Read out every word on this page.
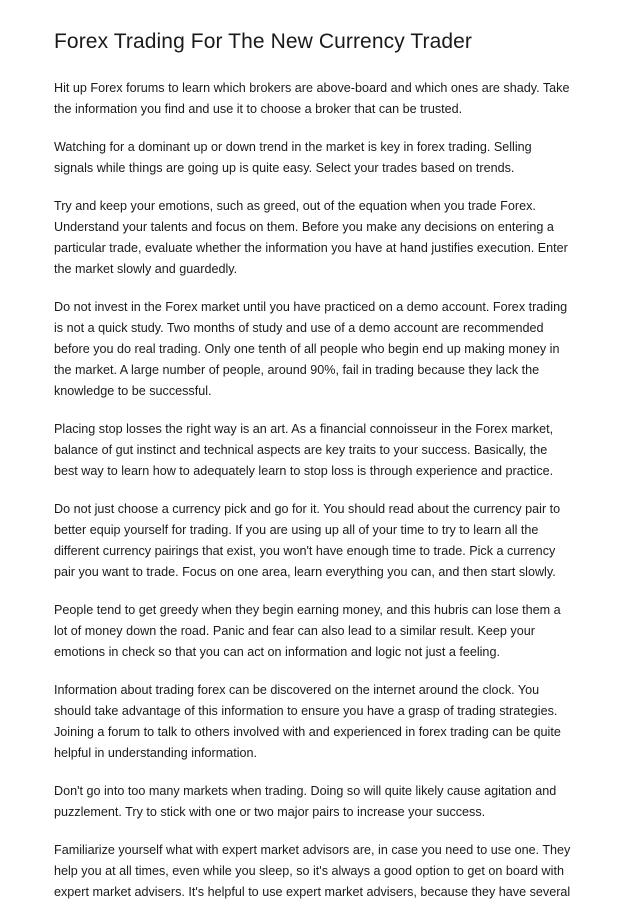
Forex Trading For The New Currency Trader

Hit up Forex forums to learn which brokers are above-board and which ones are shady. Take
the information you find and use it to choose a broker that can be trusted.

Watching for a dominant up or down trend in the market is key in forex trading. Selling
signals while things are going up is quite easy. Select your trades based on trends.

Try and keep your emotions, such as greed, out of the equation when you trade Forex.
Understand your talents and focus on them. Before you make any decisions on entering a
particular trade, evaluate whether the information you have at hand justifies execution. Enter
the market slowly and guardedly.

Do not invest in the Forex market until you have practiced on a demo account. Forex trading
is not a quick study. Two months of study and use of a demo account are recommended
before you do real trading. Only one tenth of all people who begin end up making money in
the market. A large number of people, around 90%, fail in trading because they lack the
knowledge to be successful.

Placing stop losses the right way is an art. As a financial connoisseur in the Forex market,
balance of gut instinct and technical aspects are key traits to your success. Basically, the
best way to learn how to adequately learn to stop loss is through experience and practice.

Do not just choose a currency pick and go for it. You should read about the currency pair to
better equip yourself for trading. If you are using up all of your time to try to learn all the
different currency pairings that exist, you won't have enough time to trade. Pick a currency
pair you want to trade. Focus on one area, learn everything you can, and then start slowly.

People tend to get greedy when they begin earning money, and this hubris can lose them a
lot of money down the road. Panic and fear can also lead to a similar result. Keep your
emotions in check so that you can act on information and logic not just a feeling.

Information about trading forex can be discovered on the internet around the clock. You
should take advantage of this information to ensure you have a grasp of trading strategies.
Joining a forum to talk to others involved with and experienced in forex trading can be quite
helpful in understanding information.

Don't go into too many markets when trading. Doing so will quite likely cause agitation and
puzzlement. Try to stick with one or two major pairs to increase your success.

Familiarize yourself what with expert market advisors are, in case you need to use one. They
help you at all times, even while you sleep, so it's always a good option to get on board with
expert market advisers. It's helpful to use expert market advisers, because they have several
